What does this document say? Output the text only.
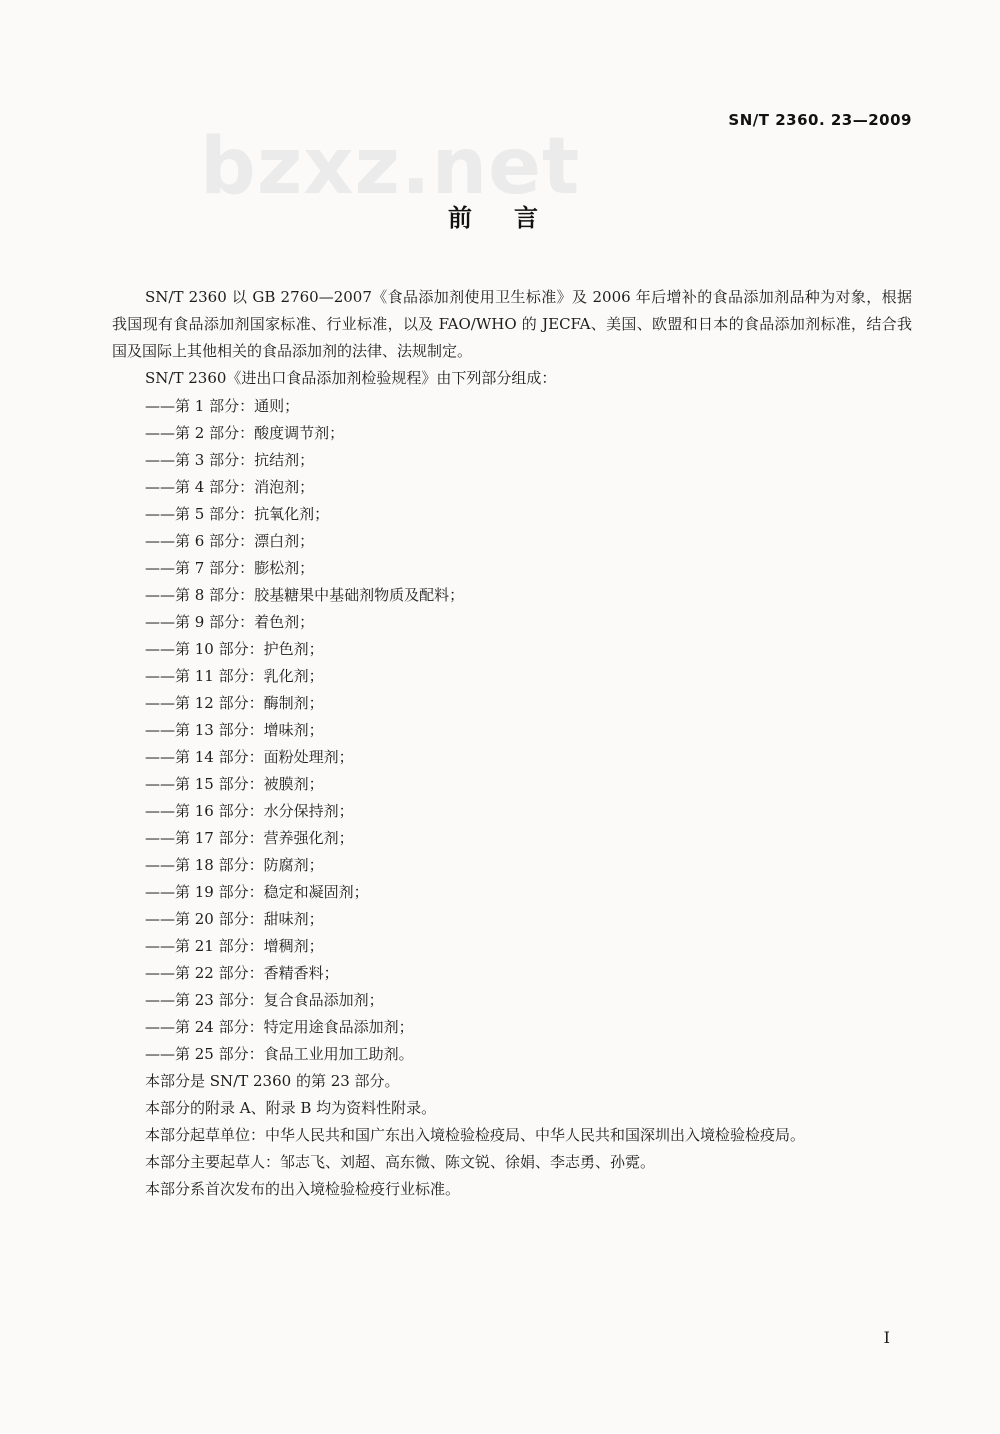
SN/T 2360. 23—2009
bzxz.net
前言

SN/T 2360 以 GB 2760—2007《食品添加剂使用卫生标准》及 2006 年后增补的食品添加剂品种为对象，根据我国现有食品添加剂国家标准、行业标准，以及 FAO/WHO 的 JECFA、美国、欧盟和日本的食品添加剂标准，结合我国及国际上其他相关的食品添加剂的法律、法规制定。

SN/T 2360《进出口食品添加剂检验规程》由下列部分组成：

——第 1 部分：通则；
——第 2 部分：酸度调节剂；
——第 3 部分：抗结剂；
——第 4 部分：消泡剂；
——第 5 部分：抗氧化剂；
——第 6 部分：漂白剂；
——第 7 部分：膨松剂；
——第 8 部分：胶基糖果中基础剂物质及配料；
——第 9 部分：着色剂；
——第 10 部分：护色剂；
——第 11 部分：乳化剂；
——第 12 部分：酶制剂；
——第 13 部分：增味剂；
——第 14 部分：面粉处理剂；
——第 15 部分：被膜剂；
——第 16 部分：水分保持剂；
——第 17 部分：营养强化剂；
——第 18 部分：防腐剂；
——第 19 部分：稳定和凝固剂；
——第 20 部分：甜味剂；
——第 21 部分：增稠剂；
——第 22 部分：香精香料；
——第 23 部分：复合食品添加剂；
——第 24 部分：特定用途食品添加剂；
——第 25 部分：食品工业用加工助剂。

本部分是 SN/T 2360 的第 23 部分。

本部分的附录 A、附录 B 均为资料性附录。

本部分起草单位：中华人民共和国广东出入境检验检疫局、中华人民共和国深圳出入境检验检疫局。

本部分主要起草人：邹志飞、刘超、高东微、陈文锐、徐娟、李志勇、孙霓。

本部分系首次发布的出入境检验检疫行业标准。

I
